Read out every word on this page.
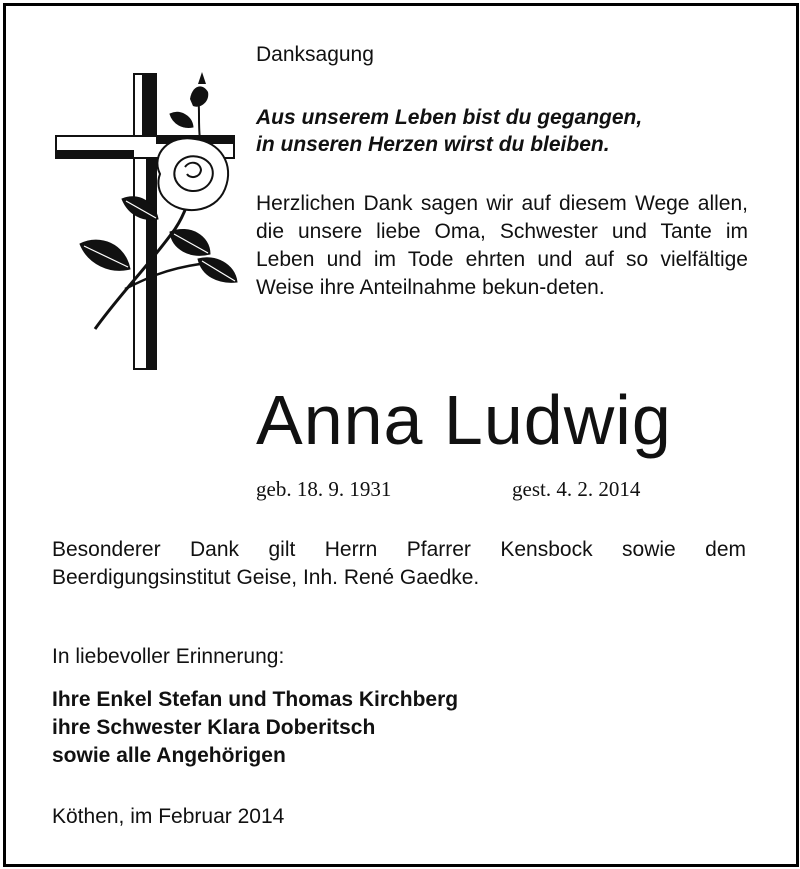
Danksagung
Aus unserem Leben bist du gegangen,
in unseren Herzen wirst du bleiben.
Herzlichen Dank sagen wir auf diesem Wege allen, die unsere liebe Oma, Schwester und Tante im Leben und im Tode ehrten und auf so vielfältige Weise ihre Anteilnahme bekun-deten.
Anna Ludwig
geb. 18. 9. 1931	gest. 4. 2. 2014
Besonderer Dank gilt Herrn Pfarrer Kensbock sowie dem Beerdigungsinstitut Geise, Inh. René Gaedke.
In liebevoller Erinnerung:
Ihre Enkel Stefan und Thomas Kirchberg
ihre Schwester Klara Doberitsch
sowie alle Angehörigen
Köthen, im Februar 2014
